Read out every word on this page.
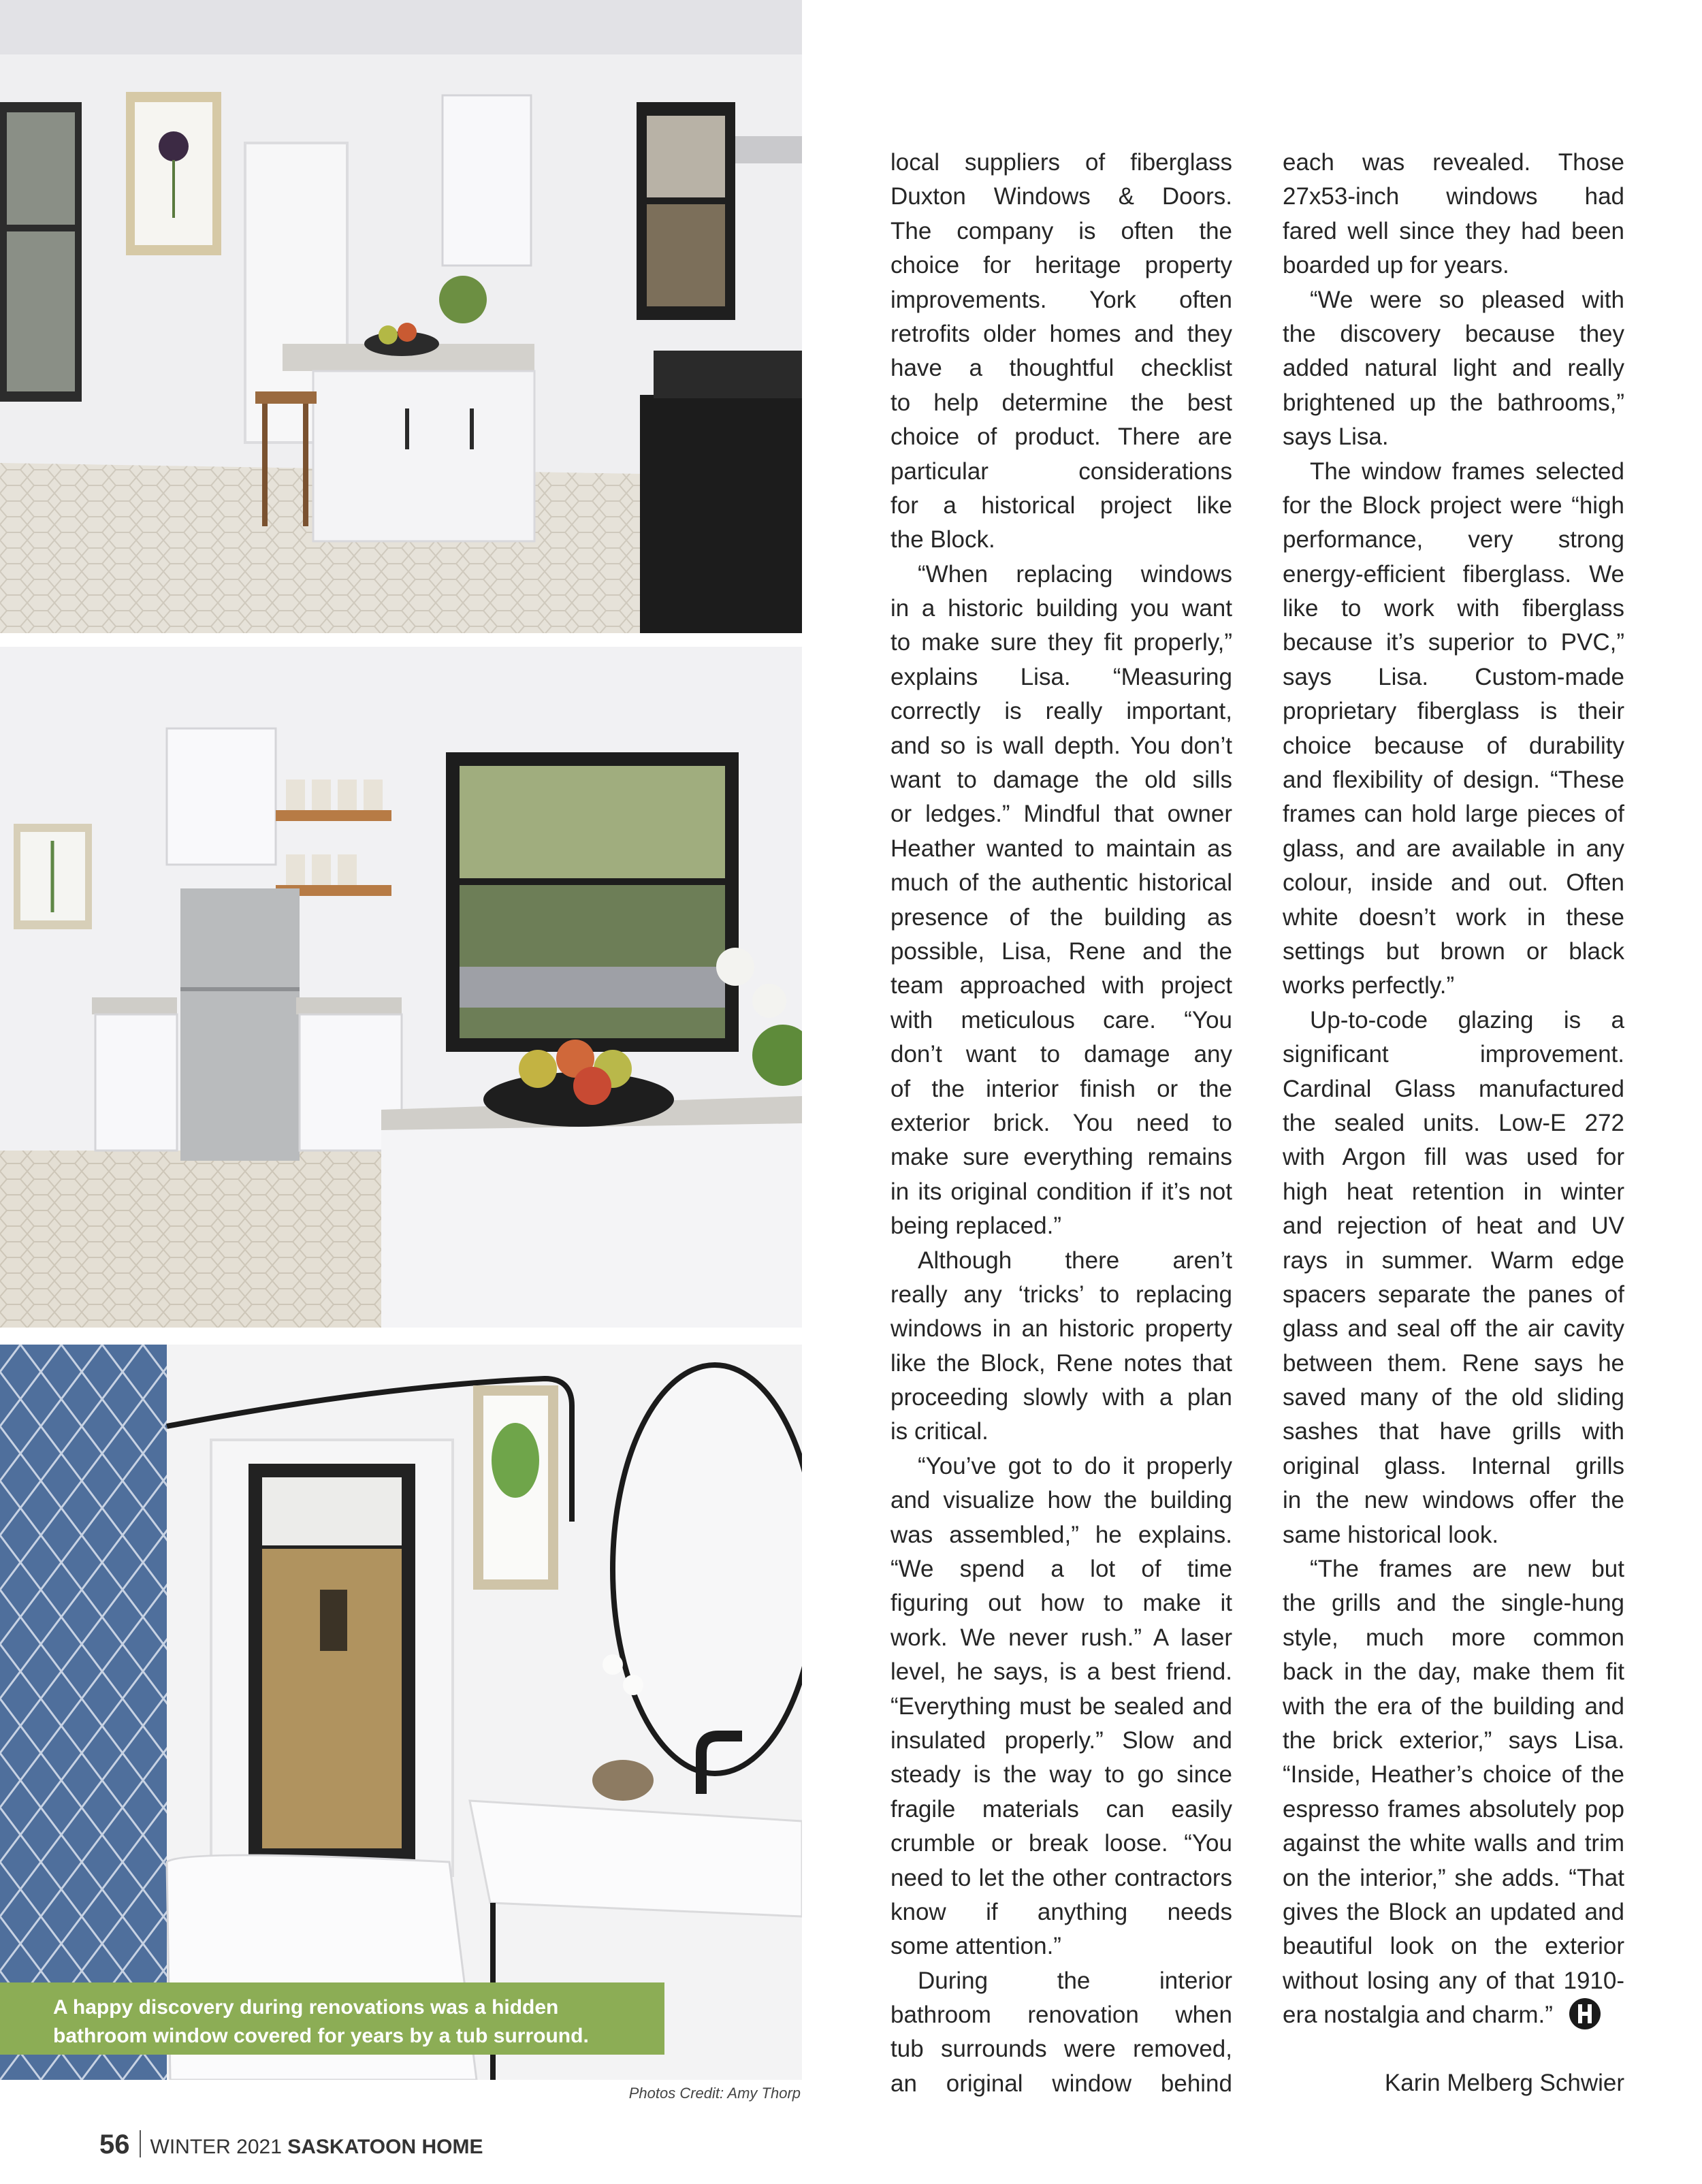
A happy discovery during renovations was a hidden
bathroom window covered for years by a tub surround.
Photos Credit: Amy Thorp
local suppliers of fiberglass
Duxton Windows & Doors.
The company is often the
choice for heritage property
improvements. York often
retrofits older homes and they
have a thoughtful checklist
to help determine the best
choice of product. There are
particular considerations
for a historical project like
the Block.
“When replacing windows
in a historic building you want
to make sure they fit properly,”
explains Lisa. “Measuring
correctly is really important,
and so is wall depth. You don’t
want to damage the old sills
or ledges.” Mindful that owner
Heather wanted to maintain as
much of the authentic historical
presence of the building as
possible, Lisa, Rene and the
team approached with project
with meticulous care. “You
don’t want to damage any
of the interior finish or the
exterior brick. You need to
make sure everything remains
in its original condition if it’s not
being replaced.”
Although there aren’t
really any ‘tricks’ to replacing
windows in an historic property
like the Block, Rene notes that
proceeding slowly with a plan
is critical.
“You’ve got to do it properly
and visualize how the building
was assembled,” he explains.
“We spend a lot of time
figuring out how to make it
work. We never rush.” A laser
level, he says, is a best friend.
“Everything must be sealed and
insulated properly.” Slow and
steady is the way to go since
fragile materials can easily
crumble or break loose. “You
need to let the other contractors
know if anything needs
some attention.”
During the interior
bathroom renovation when
tub surrounds were removed,
an original window behind
each was revealed. Those
27x53-inch windows had
fared well since they had been
boarded up for years.
“We were so pleased with
the discovery because they
added natural light and really
brightened up the bathrooms,”
says Lisa.
The window frames selected
for the Block project were “high
performance, very strong
energy-efficient fiberglass. We
like to work with fiberglass
because it’s superior to PVC,”
says Lisa. Custom-made
proprietary fiberglass is their
choice because of durability
and flexibility of design. “These
frames can hold large pieces of
glass, and are available in any
colour, inside and out. Often
white doesn’t work in these
settings but brown or black
works perfectly.”
Up-to-code glazing is a
significant improvement.
Cardinal Glass manufactured
the sealed units. Low-E 272
with Argon fill was used for
high heat retention in winter
and rejection of heat and UV
rays in summer. Warm edge
spacers separate the panes of
glass and seal off the air cavity
between them. Rene says he
saved many of the old sliding
sashes that have grills with
original glass. Internal grills
in the new windows offer the
same historical look.
“The frames are new but
the grills and the single-hung
style, much more common
back in the day, make them fit
with the era of the building and
the brick exterior,” says Lisa.
“Inside, Heather’s choice of the
espresso frames absolutely pop
against the white walls and trim
on the interior,” she adds. “That
gives the Block an updated and
beautiful look on the exterior
without losing any of that 1910-
era nostalgia and charm.”
Karin Melberg Schwier
56 WINTER 2021 SASKATOON HOME
